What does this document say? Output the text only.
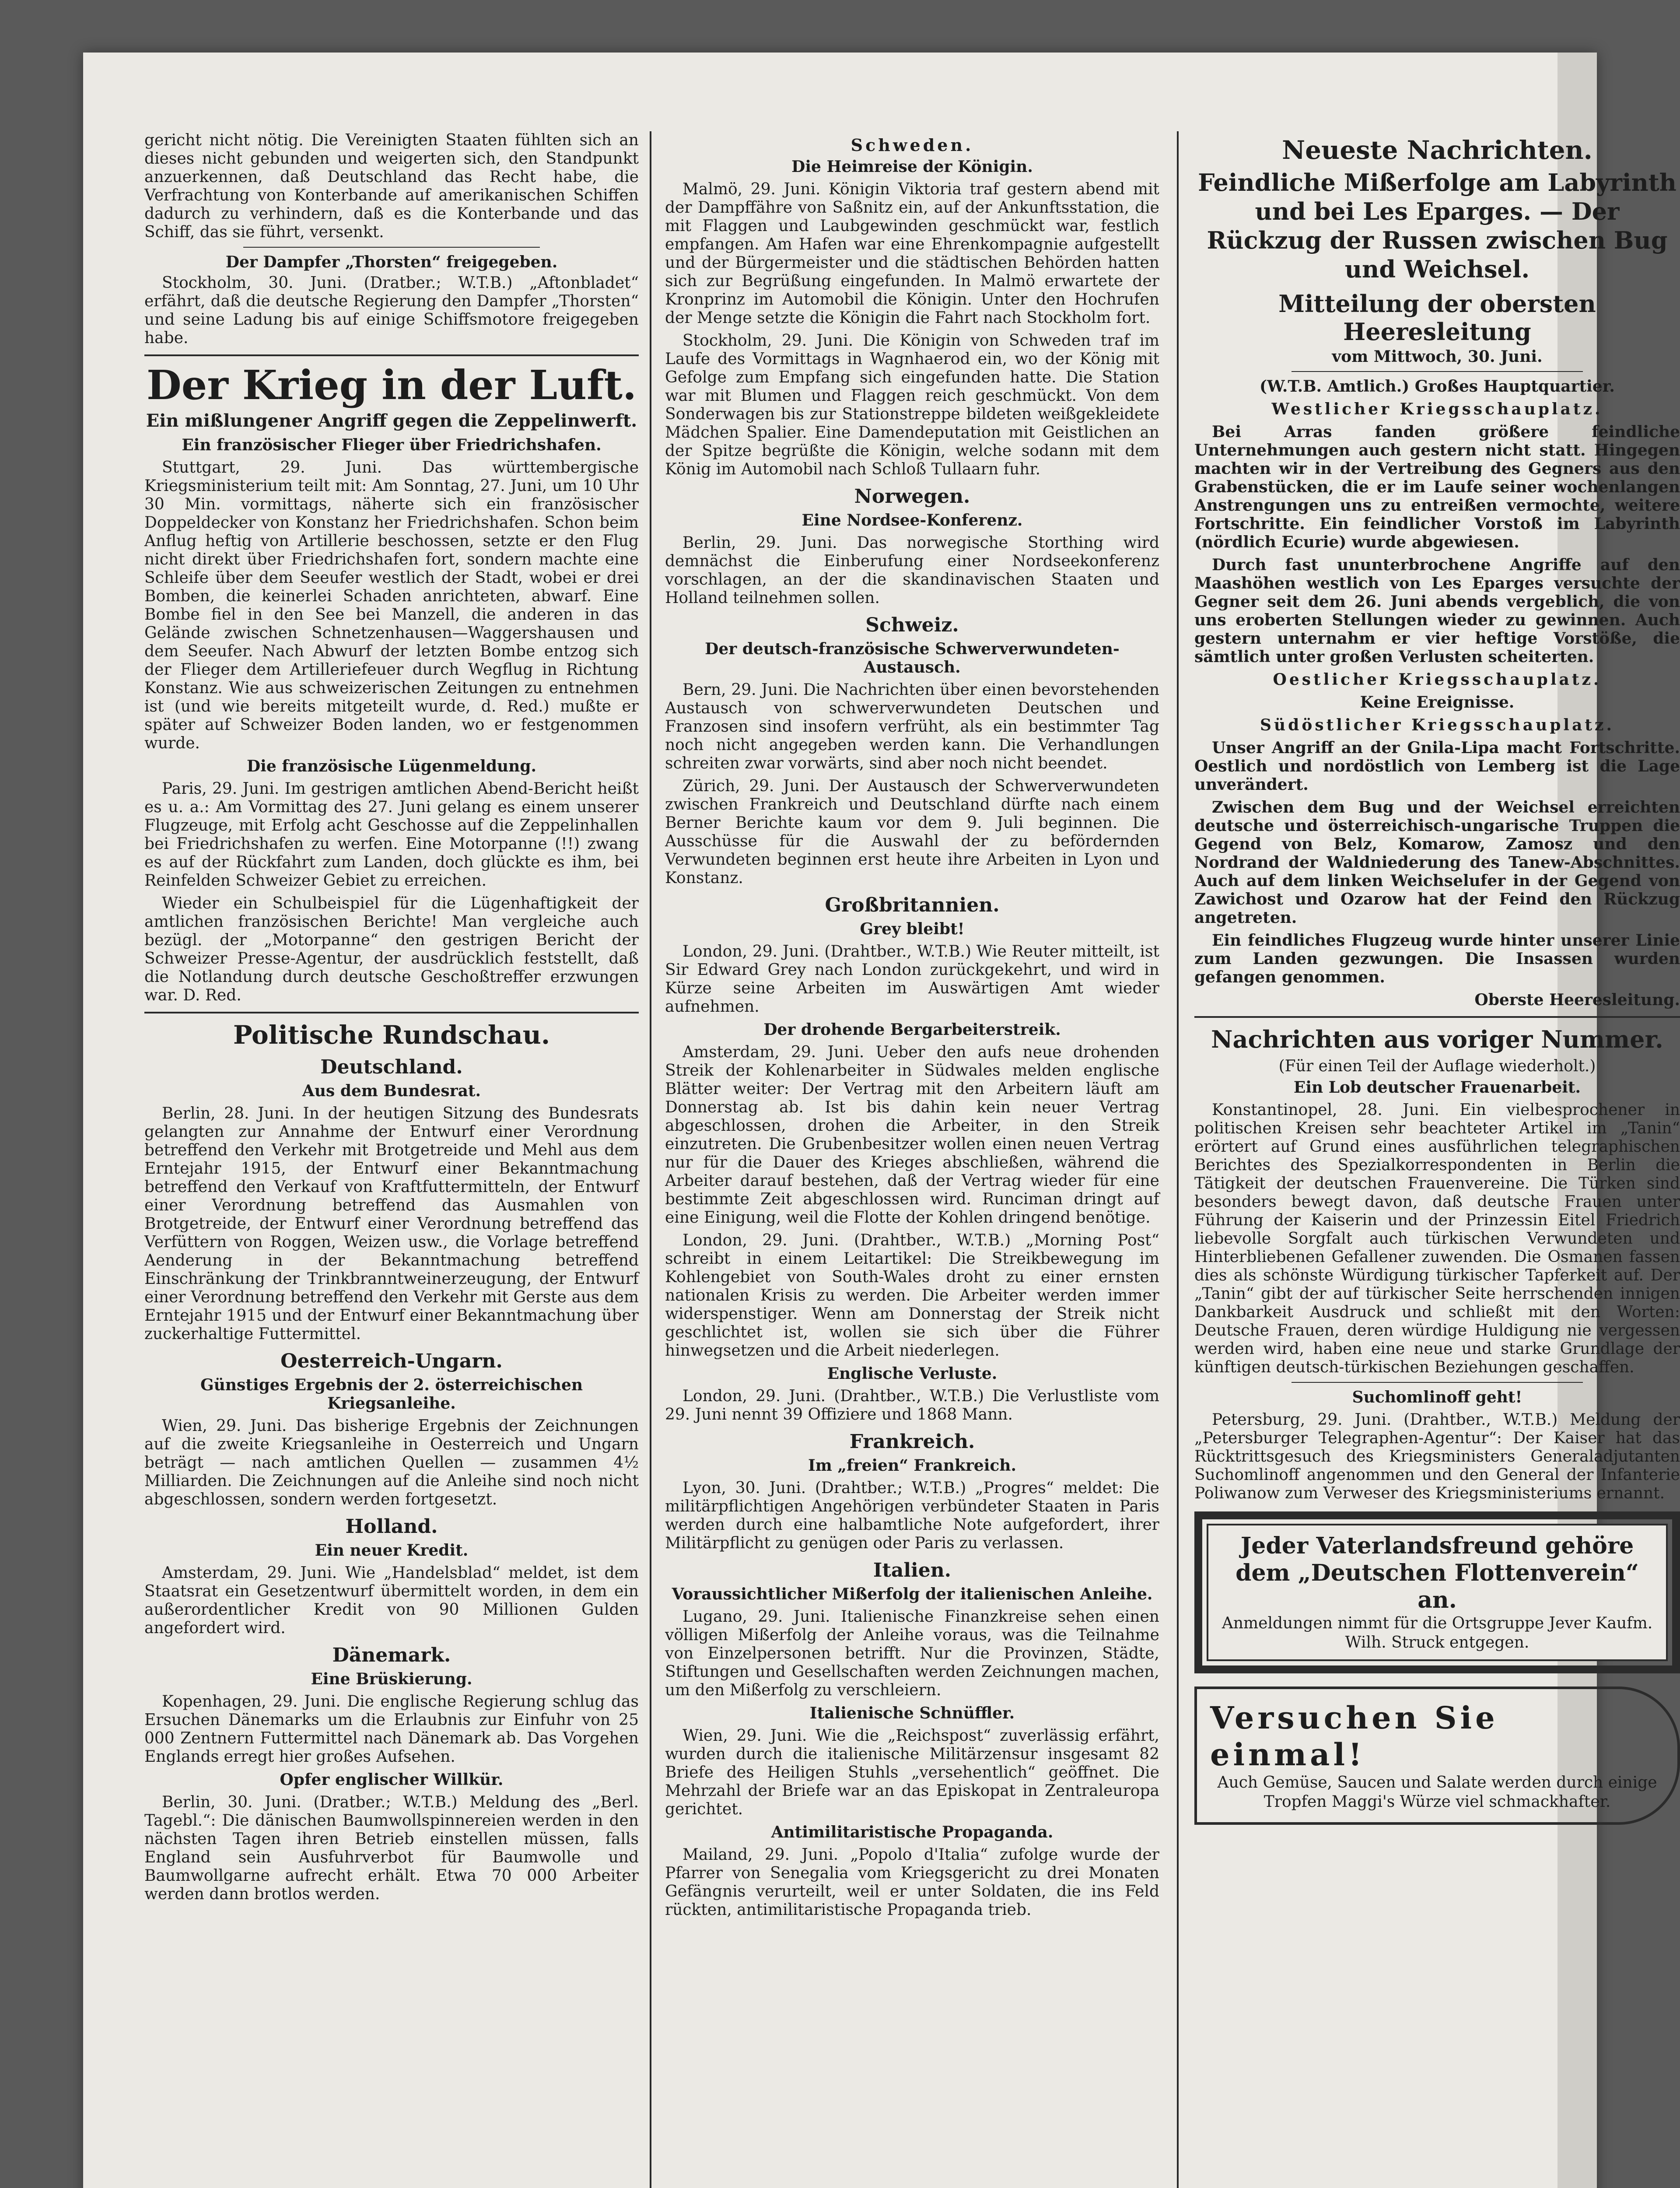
gericht nicht nötig. Die Vereinigten Staaten fühlten sich an dieses nicht gebunden und weigerten sich, den Standpunkt anzuerkennen, daß Deutschland das Recht habe, die Verfrachtung von Konterbande auf amerikanischen Schiffen dadurch zu verhindern, daß es die Konterbande und das Schiff, das sie führt, versenkt.

Der Dampfer „Thorsten“ freigegeben.

Stockholm, 30. Juni. (Dratber.; W.T.B.) „Aftonbladet“ erfährt, daß die deutsche Regierung den Dampfer „Thorsten“ und seine Ladung bis auf einige Schiffsmotore freigegeben habe.

Der Krieg in der Luft.
Ein mißlungener Angriff gegen die Zeppelinwerft.
Ein französischer Flieger über Friedrichshafen.

Stuttgart, 29. Juni. Das württembergische Kriegsministerium teilt mit: Am Sonntag, 27. Juni, um 10 Uhr 30 Min. vormittags, näherte sich ein französischer Doppeldecker von Konstanz her Friedrichshafen. Schon beim Anflug heftig von Artillerie beschossen, setzte er den Flug nicht direkt über Friedrichshafen fort, sondern machte eine Schleife über dem Seeufer westlich der Stadt, wobei er drei Bomben, die keinerlei Schaden anrichteten, abwarf. Eine Bombe fiel in den See bei Manzell, die anderen in das Gelände zwischen Schnetzenhausen—Waggershausen und dem Seeufer. Nach Abwurf der letzten Bombe entzog sich der Flieger dem Artilleriefeuer durch Wegflug in Richtung Konstanz. Wie aus schweizerischen Zeitungen zu entnehmen ist (und wie bereits mitgeteilt wurde, d. Red.) mußte er später auf Schweizer Boden landen, wo er festgenommen wurde.

Die französische Lügenmeldung.

Paris, 29. Juni. Im gestrigen amtlichen Abend-Bericht heißt es u. a.: Am Vormittag des 27. Juni gelang es einem unserer Flugzeuge, mit Erfolg acht Geschosse auf die Zeppelinhallen bei Friedrichshafen zu werfen. Eine Motorpanne (!!) zwang es auf der Rückfahrt zum Landen, doch glückte es ihm, bei Reinfelden Schweizer Gebiet zu erreichen.

Wieder ein Schulbeispiel für die Lügenhaftigkeit der amtlichen französischen Berichte! Man vergleiche auch bezügl. der „Motorpanne“ den gestrigen Bericht der Schweizer Presse-Agentur, der ausdrücklich feststellt, daß die Notlandung durch deutsche Geschoßtreffer erzwungen war. D. Red.

Politische Rundschau.
Deutschland.
Aus dem Bundesrat.

Berlin, 28. Juni. In der heutigen Sitzung des Bundesrats gelangten zur Annahme der Entwurf einer Verordnung betreffend den Verkehr mit Brotgetreide und Mehl aus dem Erntejahr 1915, der Entwurf einer Bekanntmachung betreffend den Verkauf von Kraftfuttermitteln, der Entwurf einer Verordnung betreffend das Ausmahlen von Brotgetreide, der Entwurf einer Verordnung betreffend das Verfüttern von Roggen, Weizen usw., die Vorlage betreffend Aenderung in der Bekanntmachung betreffend Einschränkung der Trinkbranntweinerzeugung, der Entwurf einer Verordnung betreffend den Verkehr mit Gerste aus dem Erntejahr 1915 und der Entwurf einer Bekanntmachung über zuckerhaltige Futtermittel.

Oesterreich-Ungarn.
Günstiges Ergebnis der 2. österreichischen Kriegsanleihe.

Wien, 29. Juni. Das bisherige Ergebnis der Zeichnungen auf die zweite Kriegsanleihe in Oesterreich und Ungarn beträgt — nach amtlichen Quellen — zusammen 4½ Milliarden. Die Zeichnungen auf die Anleihe sind noch nicht abgeschlossen, sondern werden fortgesetzt.

Holland.
Ein neuer Kredit.

Amsterdam, 29. Juni. Wie „Handelsblad“ meldet, ist dem Staatsrat ein Gesetzentwurf übermittelt worden, in dem ein außerordentlicher Kredit von 90 Millionen Gulden angefordert wird.

Dänemark.
Eine Brüskierung.

Kopenhagen, 29. Juni. Die englische Regierung schlug das Ersuchen Dänemarks um die Erlaubnis zur Einfuhr von 25 000 Zentnern Futtermittel nach Dänemark ab. Das Vorgehen Englands erregt hier großes Aufsehen.

Opfer englischer Willkür.

Berlin, 30. Juni. (Dratber.; W.T.B.) Meldung des „Berl. Tagebl.“: Die dänischen Baumwollspinnereien werden in den nächsten Tagen ihren Betrieb einstellen müssen, falls England sein Ausfuhrverbot für Baumwolle und Baumwollgarne aufrecht erhält. Etwa 70 000 Arbeiter werden dann brotlos werden.

Schweden.
Die Heimreise der Königin.

Malmö, 29. Juni. Königin Viktoria traf gestern abend mit der Dampffähre von Saßnitz ein, auf der Ankunftsstation, die mit Flaggen und Laubgewinden geschmückt war, festlich empfangen. Am Hafen war eine Ehrenkompagnie aufgestellt und der Bürgermeister und die städtischen Behörden hatten sich zur Begrüßung eingefunden. In Malmö erwartete der Kronprinz im Automobil die Königin. Unter den Hochrufen der Menge setzte die Königin die Fahrt nach Stockholm fort.

Stockholm, 29. Juni. Die Königin von Schweden traf im Laufe des Vormittags in Wagnhaerod ein, wo der König mit Gefolge zum Empfang sich eingefunden hatte. Die Station war mit Blumen und Flaggen reich geschmückt. Von dem Sonderwagen bis zur Stationstreppe bildeten weißgekleidete Mädchen Spalier. Eine Damendeputation mit Geistlichen an der Spitze begrüßte die Königin, welche sodann mit dem König im Automobil nach Schloß Tullaarn fuhr.

Norwegen.
Eine Nordsee-Konferenz.

Berlin, 29. Juni. Das norwegische Storthing wird demnächst die Einberufung einer Nordseekonferenz vorschlagen, an der die skandinavischen Staaten und Holland teilnehmen sollen.

Schweiz.
Der deutsch-französische Schwerverwundeten-Austausch.

Bern, 29. Juni. Die Nachrichten über einen bevorstehenden Austausch von schwerverwundeten Deutschen und Franzosen sind insofern verfrüht, als ein bestimmter Tag noch nicht angegeben werden kann. Die Verhandlungen schreiten zwar vorwärts, sind aber noch nicht beendet.

Zürich, 29. Juni. Der Austausch der Schwerverwundeten zwischen Frankreich und Deutschland dürfte nach einem Berner Berichte kaum vor dem 9. Juli beginnen. Die Ausschüsse für die Auswahl der zu befördernden Verwundeten beginnen erst heute ihre Arbeiten in Lyon und Konstanz.

Großbritannien.
Grey bleibt!

London, 29. Juni. (Drahtber., W.T.B.) Wie Reuter mitteilt, ist Sir Edward Grey nach London zurückgekehrt, und wird in Kürze seine Arbeiten im Auswärtigen Amt wieder aufnehmen.

Der drohende Bergarbeiterstreik.

Amsterdam, 29. Juni. Ueber den aufs neue drohenden Streik der Kohlenarbeiter in Südwales melden englische Blätter weiter: Der Vertrag mit den Arbeitern läuft am Donnerstag ab. Ist bis dahin kein neuer Vertrag abgeschlossen, drohen die Arbeiter, in den Streik einzutreten. Die Grubenbesitzer wollen einen neuen Vertrag nur für die Dauer des Krieges abschließen, während die Arbeiter darauf bestehen, daß der Vertrag wieder für eine bestimmte Zeit abgeschlossen wird. Runciman dringt auf eine Einigung, weil die Flotte der Kohlen dringend benötige.

London, 29. Juni. (Drahtber., W.T.B.) „Morning Post“ schreibt in einem Leitartikel: Die Streikbewegung im Kohlengebiet von South-Wales droht zu einer ernsten nationalen Krisis zu werden. Die Arbeiter werden immer widerspenstiger. Wenn am Donnerstag der Streik nicht geschlichtet ist, wollen sie sich über die Führer hinwegsetzen und die Arbeit niederlegen.

Englische Verluste.

London, 29. Juni. (Drahtber., W.T.B.) Die Verlustliste vom 29. Juni nennt 39 Offiziere und 1868 Mann.

Frankreich.
Im „freien“ Frankreich.

Lyon, 30. Juni. (Drahtber.; W.T.B.) „Progres“ meldet: Die militärpflichtigen Angehörigen verbündeter Staaten in Paris werden durch eine halbamtliche Note aufgefordert, ihrer Militärpflicht zu genügen oder Paris zu verlassen.

Italien.
Voraussichtlicher Mißerfolg der italienischen Anleihe.

Lugano, 29. Juni. Italienische Finanzkreise sehen einen völligen Mißerfolg der Anleihe voraus, was die Teilnahme von Einzelpersonen betrifft. Nur die Provinzen, Städte, Stiftungen und Gesellschaften werden Zeichnungen machen, um den Mißerfolg zu verschleiern.

Italienische Schnüffler.

Wien, 29. Juni. Wie die „Reichspost“ zuverlässig erfährt, wurden durch die italienische Militärzensur insgesamt 82 Briefe des Heiligen Stuhls „versehentlich“ geöffnet. Die Mehrzahl der Briefe war an das Episkopat in Zentraleuropa gerichtet.

Antimilitaristische Propaganda.

Mailand, 29. Juni. „Popolo d'Italia“ zufolge wurde der Pfarrer von Senegalia vom Kriegsgericht zu drei Monaten Gefängnis verurteilt, weil er unter Soldaten, die ins Feld rückten, antimilitaristische Propaganda trieb.

Neueste Nachrichten.
Feindliche Mißerfolge am Labyrinth und bei Les Eparges. — Der Rückzug der Russen zwischen Bug und Weichsel.
Mitteilung der obersten Heeresleitung
vom Mittwoch, 30. Juni.
(W.T.B. Amtlich.) Großes Hauptquartier.
Westlicher Kriegsschauplatz.

Bei Arras fanden größere feindliche Unternehmungen auch gestern nicht statt. Hingegen machten wir in der Vertreibung des Gegners aus den Grabenstücken, die er im Laufe seiner wochenlangen Anstrengungen uns zu entreißen vermochte, weitere Fortschritte. Ein feindlicher Vorstoß im Labyrinth (nördlich Ecurie) wurde abgewiesen.

Durch fast ununterbrochene Angriffe auf den Maashöhen westlich von Les Eparges versuchte der Gegner seit dem 26. Juni abends vergeblich, die von uns eroberten Stellungen wieder zu gewinnen. Auch gestern unternahm er vier heftige Vorstöße, die sämtlich unter großen Verlusten scheiterten.

Oestlicher Kriegsschauplatz.

Keine Ereignisse.

Südöstlicher Kriegsschauplatz.

Unser Angriff an der Gnila-Lipa macht Fortschritte. Oestlich und nordöstlich von Lemberg ist die Lage unverändert.

Zwischen dem Bug und der Weichsel erreichten deutsche und österreichisch-ungarische Truppen die Gegend von Belz, Komarow, Zamosz und den Nordrand der Waldniederung des Tanew-Abschnittes. Auch auf dem linken Weichselufer in der Gegend von Zawichost und Ozarow hat der Feind den Rückzug angetreten.

Ein feindliches Flugzeug wurde hinter unserer Linie zum Landen gezwungen. Die Insassen wurden gefangen genommen.

Oberste Heeresleitung.

Nachrichten aus voriger Nummer.
(Für einen Teil der Auflage wiederholt.)
Ein Lob deutscher Frauenarbeit.

Konstantinopel, 28. Juni. Ein vielbesprochener in politischen Kreisen sehr beachteter Artikel im „Tanin“ erörtert auf Grund eines ausführlichen telegraphischen Berichtes des Spezialkorrespondenten in Berlin die Tätigkeit der deutschen Frauenvereine. Die Türken sind besonders bewegt davon, daß deutsche Frauen unter Führung der Kaiserin und der Prinzessin Eitel Friedrich liebevolle Sorgfalt auch türkischen Verwundeten und Hinterbliebenen Gefallener zuwenden. Die Osmanen fassen dies als schönste Würdigung türkischer Tapferkeit auf. Der „Tanin“ gibt der auf türkischer Seite herrschenden innigen Dankbarkeit Ausdruck und schließt mit den Worten: Deutsche Frauen, deren würdige Huldigung nie vergessen werden wird, haben eine neue und starke Grundlage der künftigen deutsch-türkischen Beziehungen geschaffen.

Suchomlinoff geht!

Petersburg, 29. Juni. (Drahtber., W.T.B.) Meldung der „Petersburger Telegraphen-Agentur“: Der Kaiser hat das Rücktrittsgesuch des Kriegsministers Generaladjutanten Suchomlinoff angenommen und den General der Infanterie Poliwanow zum Verweser des Kriegsministeriums ernannt.

Jeder Vaterlandsfreund gehöre dem „Deutschen Flottenverein“ an.
Anmeldungen nimmt für die Ortsgruppe Jever Kaufm. Wilh. Struck entgegen.
Versuchen Sie einmal!
Auch Gemüse, Saucen und Salate werden durch einige Tropfen Maggi's Würze viel schmackhafter.
